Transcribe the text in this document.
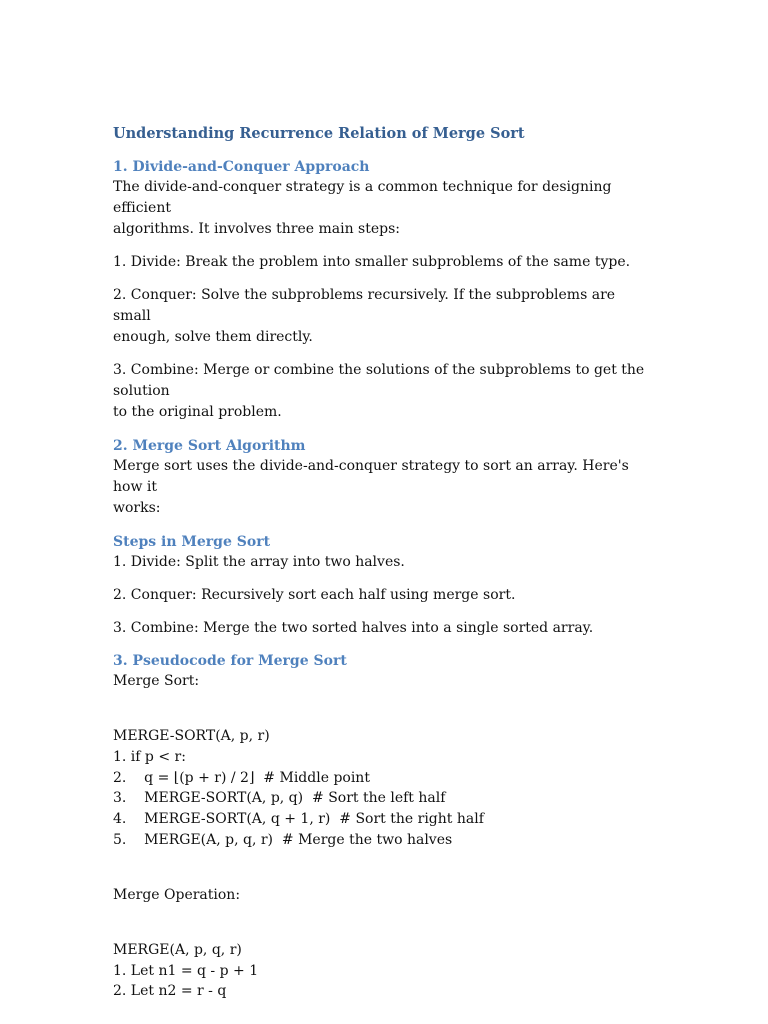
Understanding Recurrence Relation of Merge Sort

1. Divide-and-Conquer Approach

The divide-and-conquer strategy is a common technique for designing efficient

algorithms. It involves three main steps:

1. Divide: Break the problem into smaller subproblems of the same type.

2. Conquer: Solve the subproblems recursively. If the subproblems are small

enough, solve them directly.

3. Combine: Merge or combine the solutions of the subproblems to get the solution

to the original problem.

2. Merge Sort Algorithm

Merge sort uses the divide-and-conquer strategy to sort an array. Here's how it

works:

Steps in Merge Sort

1. Divide: Split the array into two halves.

2. Conquer: Recursively sort each half using merge sort.

3. Combine: Merge the two sorted halves into a single sorted array.

3. Pseudocode for Merge Sort

Merge Sort:

MERGE-SORT(A, p, r)

1. if p < r:

2.    q = ⌊(p + r) / 2⌋  # Middle point

3.    MERGE-SORT(A, p, q)  # Sort the left half

4.    MERGE-SORT(A, q + 1, r)  # Sort the right half

5.    MERGE(A, p, q, r)  # Merge the two halves

Merge Operation:

MERGE(A, p, q, r)

1. Let n1 = q - p + 1

2. Let n2 = r - q
